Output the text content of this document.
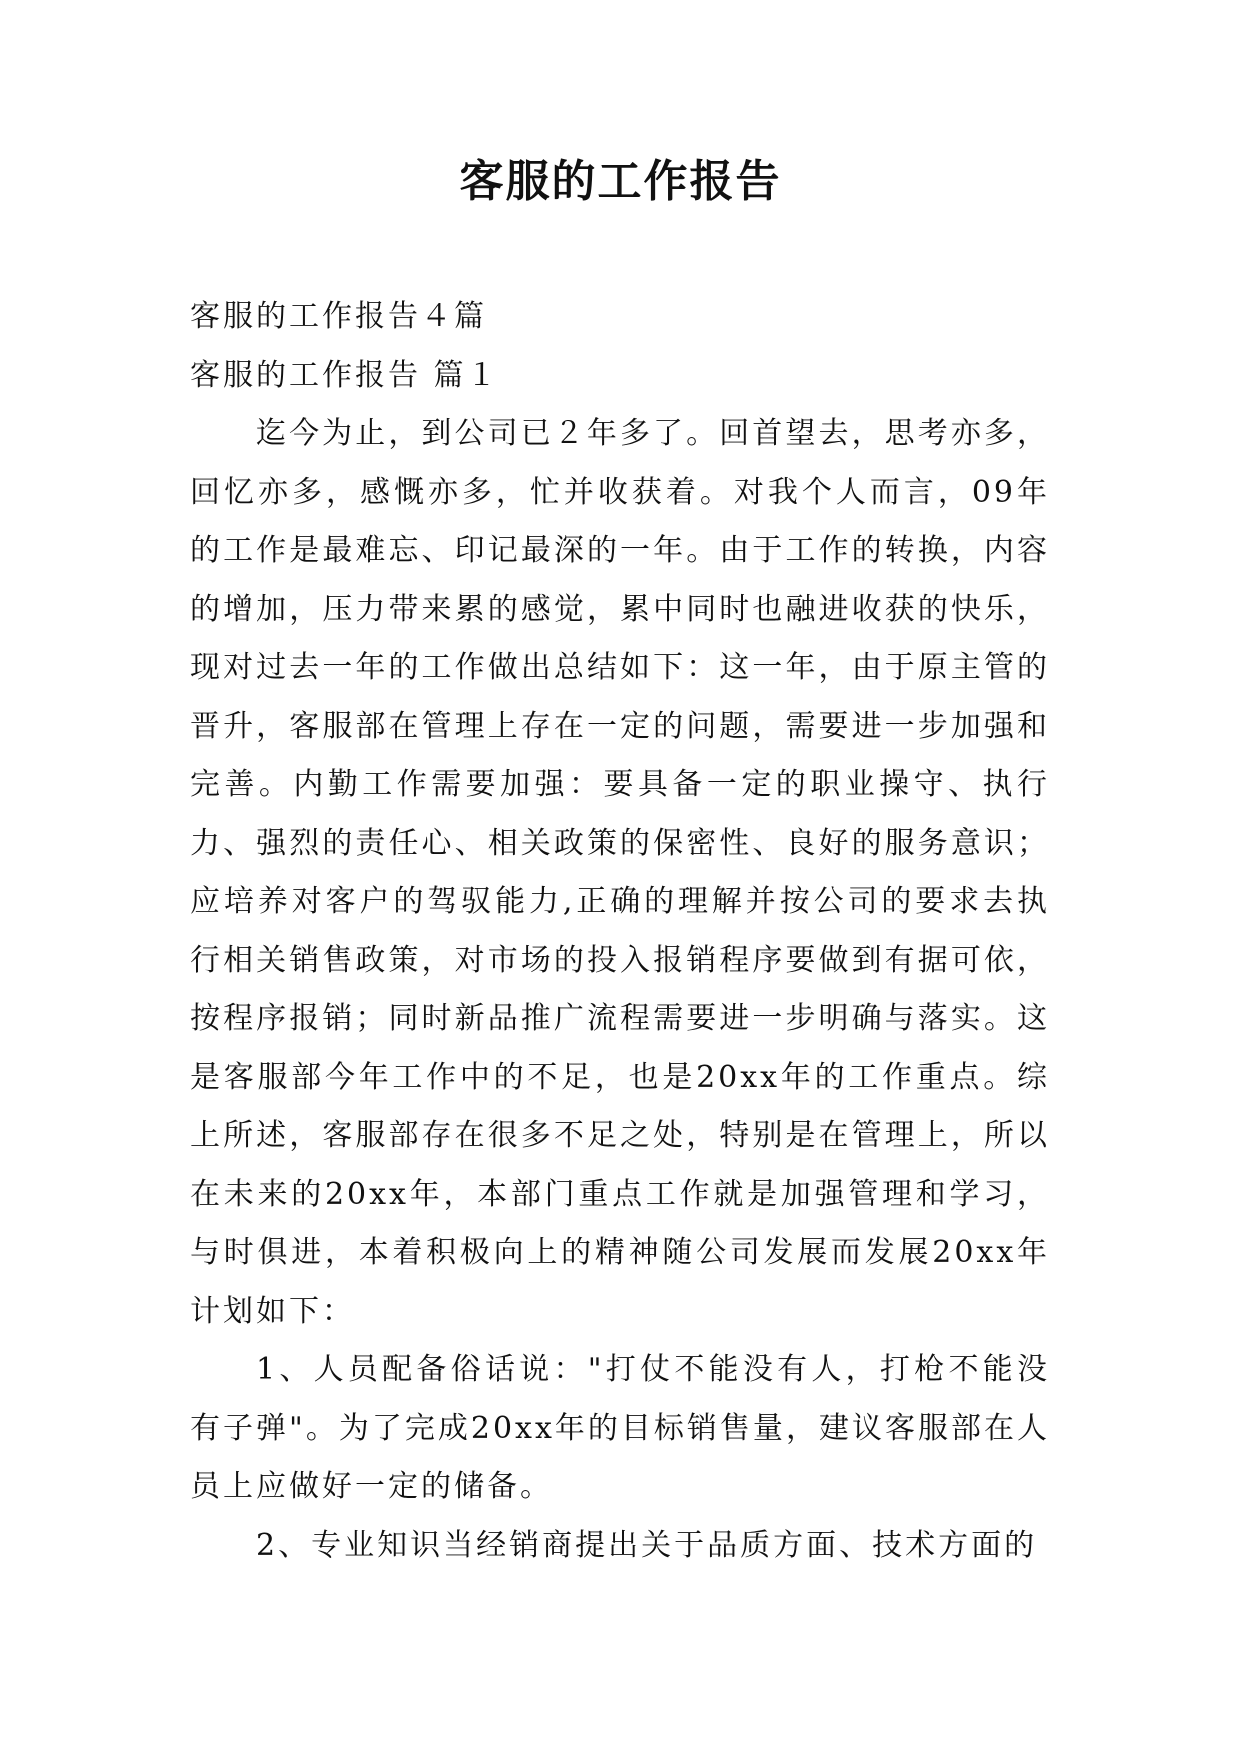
客服的工作报告

客服的工作报告４篇

客服的工作报告 篇１

迄今为止，到公司已２年多了。回首望去，思考亦多，回忆亦多，感慨亦多，忙并收获着。对我个人而言，09年的工作是最难忘、印记最深的一年。由于工作的转换，内容的增加，压力带来累的感觉，累中同时也融进收获的快乐，现对过去一年的工作做出总结如下：这一年，由于原主管的晋升，客服部在管理上存在一定的问题，需要进一步加强和完善。内勤工作需要加强：要具备一定的职业操守、执行力、强烈的责任心、相关政策的保密性、良好的服务意识；应培养对客户的驾驭能力,正确的理解并按公司的要求去执行相关销售政策，对市场的投入报销程序要做到有据可依，按程序报销；同时新品推广流程需要进一步明确与落实。这是客服部今年工作中的不足，也是20xx年的工作重点。综上所述，客服部存在很多不足之处，特别是在管理上，所以在未来的20xx年，本部门重点工作就是加强管理和学习，与时俱进，本着积极向上的精神随公司发展而发展20xx年计划如下：

1、人员配备俗话说："打仗不能没有人，打枪不能没有子弹"。为了完成20xx年的目标销售量，建议客服部在人员上应做好一定的储备。

2、专业知识当经销商提出关于品质方面、技术方面的
